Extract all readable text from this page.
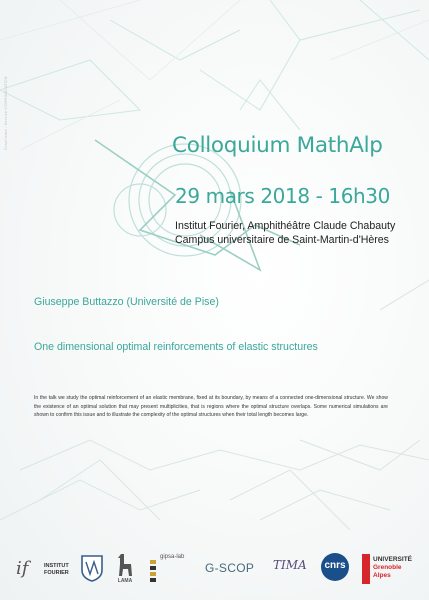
Graphisme : Service COMMUNICATION	Colloquium MathAlp
29 mars 2018 - 16h30
Institut Fourier, Amphithéâtre Claude Chabauty
Campus universitaire de Saint-Martin-d'Hères
Giuseppe Buttazzo (Université de Pise)
One dimensional optimal reinforcements of elastic structures
In the talk we study the optimal reinforcement of an elastic membrane, fixed at its boundary, by means of a connected one-dimensional structure. We show the existence of an optimal solution that may present multiplicities, that is regions where the optimal structure overlaps. Some numerical simulations are shown to confirm this issue and to illustrate the complexity of the optimal structures when their total length becomes large.
if	INSTITUT
FOURIER
LAMA
gipsa-lab
G-SCOP	TIMA	cnrs
UNIVERSITÉ
Grenoble
Alpes
